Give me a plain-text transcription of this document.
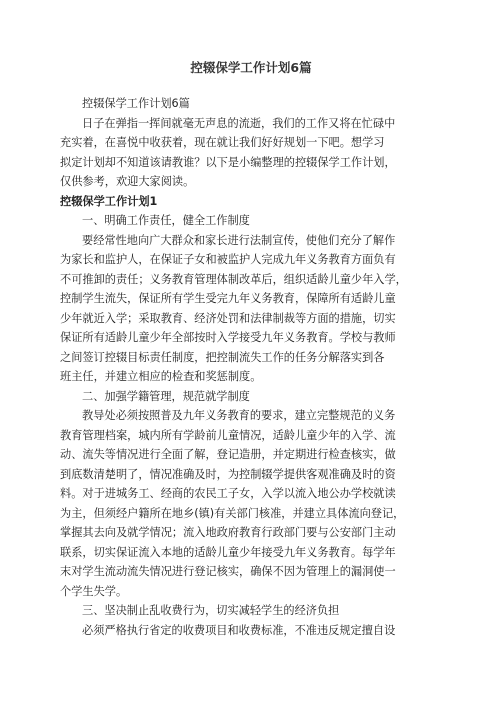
控辍保学工作计划6篇

控辍保学工作计划6篇

日子在弹指一挥间就毫无声息的流逝，我们的工作又将在忙碌中

充实着，在喜悦中收获着，现在就让我们好好规划一下吧。想学习

拟定计划却不知道该请教谁？以下是小编整理的控辍保学工作计划，

仅供参考，欢迎大家阅读。

控辍保学工作计划1

一、明确工作责任，健全工作制度

要经常性地向广大群众和家长进行法制宣传，使他们充分了解作

为家长和监护人，在保证子女和被监护人完成九年义务教育方面负有

不可推卸的责任；义务教育管理体制改革后，组织适龄儿童少年入学，

控制学生流失，保证所有学生受完九年义务教育，保障所有适龄儿童

少年就近入学；采取教育、经济处罚和法律制裁等方面的措施，切实

保证所有适龄儿童少年全部按时入学接受九年义务教育。学校与教师

之间签订控辍目标责任制度，把控制流失工作的任务分解落实到各

班主任，并建立相应的检查和奖惩制度。

二、加强学籍管理，规范就学制度

教导处必须按照普及九年义务教育的要求，建立完整规范的义务

教育管理档案，城内所有学龄前儿童情况，适龄儿童少年的入学、流

动、流失等情况进行全面了解，登记造册，并定期进行检查核实，做

到底数清楚明了，情况准确及时，为控制辍学提供客观准确及时的资

料。对于进城务工、经商的农民工子女，入学以流入地公办学校就读

为主，但须经户籍所在地乡(镇)有关部门核准，并建立具体流向登记，

掌握其去向及就学情况；流入地政府教育行政部门要与公安部门主动

联系，切实保证流入本地的适龄儿童少年接受九年义务教育。每学年

末对学生流动流失情况进行登记核实，确保不因为管理上的漏洞使一

个学生失学。

三、坚决制止乱收费行为，切实减轻学生的经济负担

必须严格执行省定的收费项目和收费标准，不准违反规定擅自设
